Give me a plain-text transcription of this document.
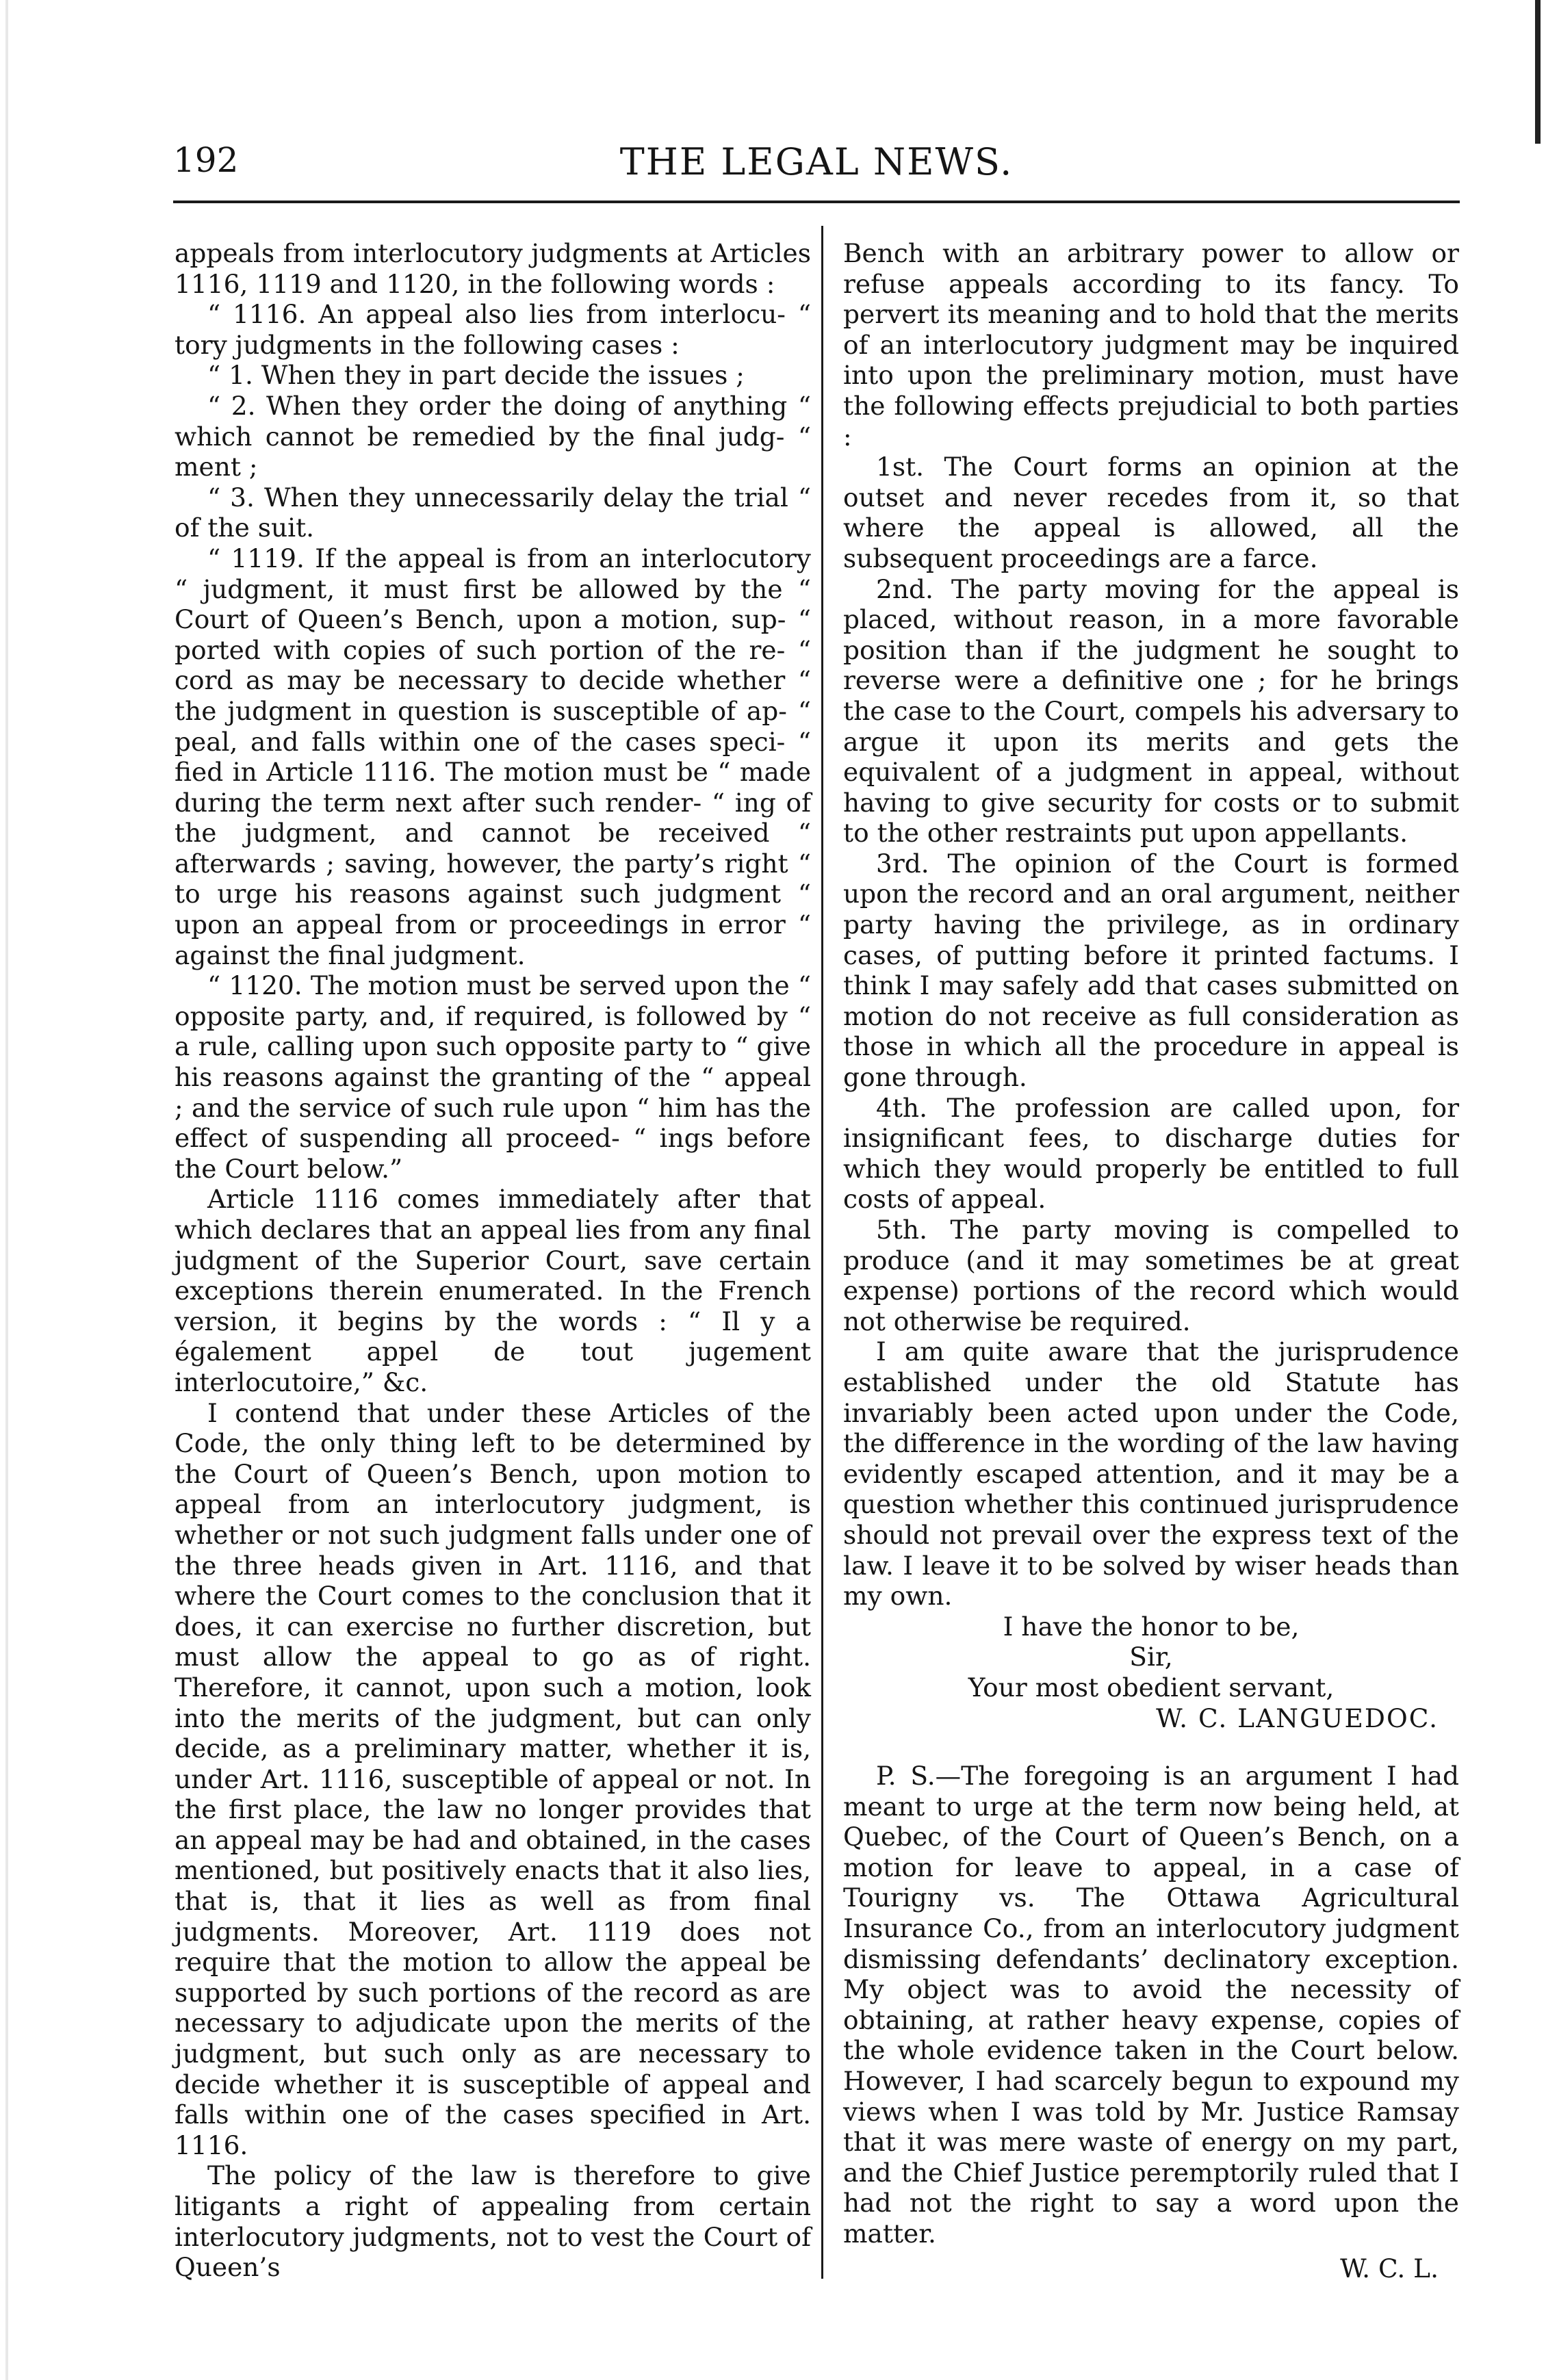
192	THE LEGAL NEWS.

appeals from interlocutory judgments at Articles 1116, 1119 and 1120, in the following words :

“ 1116. An appeal also lies from interlocu- “ tory judgments in the following cases :

“ 1. When they in part decide the issues ;

“ 2. When they order the doing of anything “ which cannot be remedied by the final judg- “ ment ;

“ 3. When they unnecessarily delay the trial “ of the suit.

“ 1119. If the appeal is from an interlocutory “ judgment, it must first be allowed by the “ Court of Queen’s Bench, upon a motion, sup- “ ported with copies of such portion of the re- “ cord as may be necessary to decide whether “ the judgment in question is susceptible of ap- “ peal, and falls within one of the cases speci- “ fied in Article 1116. The motion must be “ made during the term next after such render- “ ing of the judgment, and cannot be received “ afterwards ; saving, however, the party’s right “ to urge his reasons against such judgment “ upon an appeal from or proceedings in error “ against the final judgment.

“ 1120. The motion must be served upon the “ opposite party, and, if required, is followed by “ a rule, calling upon such opposite party to “ give his reasons against the granting of the “ appeal ; and the service of such rule upon “ him has the effect of suspending all proceed- “ ings before the Court below.”

Article 1116 comes immediately after that which declares that an appeal lies from any final judgment of the Superior Court, save certain exceptions therein enumerated. In the French version, it begins by the words : “ Il y a également appel de tout jugement interlocutoire,” &c.

I contend that under these Articles of the Code, the only thing left to be determined by the Court of Queen’s Bench, upon motion to appeal from an interlocutory judgment, is whether or not such judgment falls under one of the three heads given in Art. 1116, and that where the Court comes to the conclusion that it does, it can exercise no further discretion, but must allow the appeal to go as of right. Therefore, it cannot, upon such a motion, look into the merits of the judgment, but can only decide, as a preliminary matter, whether it is, under Art. 1116, susceptible of appeal or not. In the first place, the law no longer provides that an appeal may be had and obtained, in the cases mentioned, but positively enacts that it also lies, that is, that it lies as well as from final judgments. Moreover, Art. 1119 does not require that the motion to allow the appeal be supported by such portions of the record as are necessary to adjudicate upon the merits of the judgment, but such only as are necessary to decide whether it is susceptible of appeal and falls within one of the cases specified in Art. 1116.

The policy of the law is therefore to give litigants a right of appealing from certain interlocutory judgments, not to vest the Court of Queen’s

Bench with an arbitrary power to allow or refuse appeals according to its fancy. To pervert its meaning and to hold that the merits of an interlocutory judgment may be inquired into upon the preliminary motion, must have the following effects prejudicial to both parties :

1st. The Court forms an opinion at the outset and never recedes from it, so that where the appeal is allowed, all the subsequent proceedings are a farce.

2nd. The party moving for the appeal is placed, without reason, in a more favorable position than if the judgment he sought to reverse were a definitive one ; for he brings the case to the Court, compels his adversary to argue it upon its merits and gets the equivalent of a judgment in appeal, without having to give security for costs or to submit to the other restraints put upon appellants.

3rd. The opinion of the Court is formed upon the record and an oral argument, neither party having the privilege, as in ordinary cases, of putting before it printed factums. I think I may safely add that cases submitted on motion do not receive as full consideration as those in which all the procedure in appeal is gone through.

4th. The profession are called upon, for insignificant fees, to discharge duties for which they would properly be entitled to full costs of appeal.

5th. The party moving is compelled to produce (and it may sometimes be at great expense) portions of the record which would not otherwise be required.

I am quite aware that the jurisprudence established under the old Statute has invariably been acted upon under the Code, the difference in the wording of the law having evidently escaped attention, and it may be a question whether this continued jurisprudence should not prevail over the express text of the law. I leave it to be solved by wiser heads than my own.

I have the honor to be,

Sir,

Your most obedient servant,

W. C. LANGUEDOC.

P. S.—The foregoing is an argument I had meant to urge at the term now being held, at Quebec, of the Court of Queen’s Bench, on a motion for leave to appeal, in a case of Tourigny vs. The Ottawa Agricultural Insurance Co., from an interlocutory judgment dismissing defendants’ declinatory exception. My object was to avoid the necessity of obtaining, at rather heavy expense, copies of the whole evidence taken in the Court below. However, I had scarcely begun to expound my views when I was told by Mr. Justice Ramsay that it was mere waste of energy on my part, and the Chief Justice peremptorily ruled that I had not the right to say a word upon the matter.

W. C. L.
